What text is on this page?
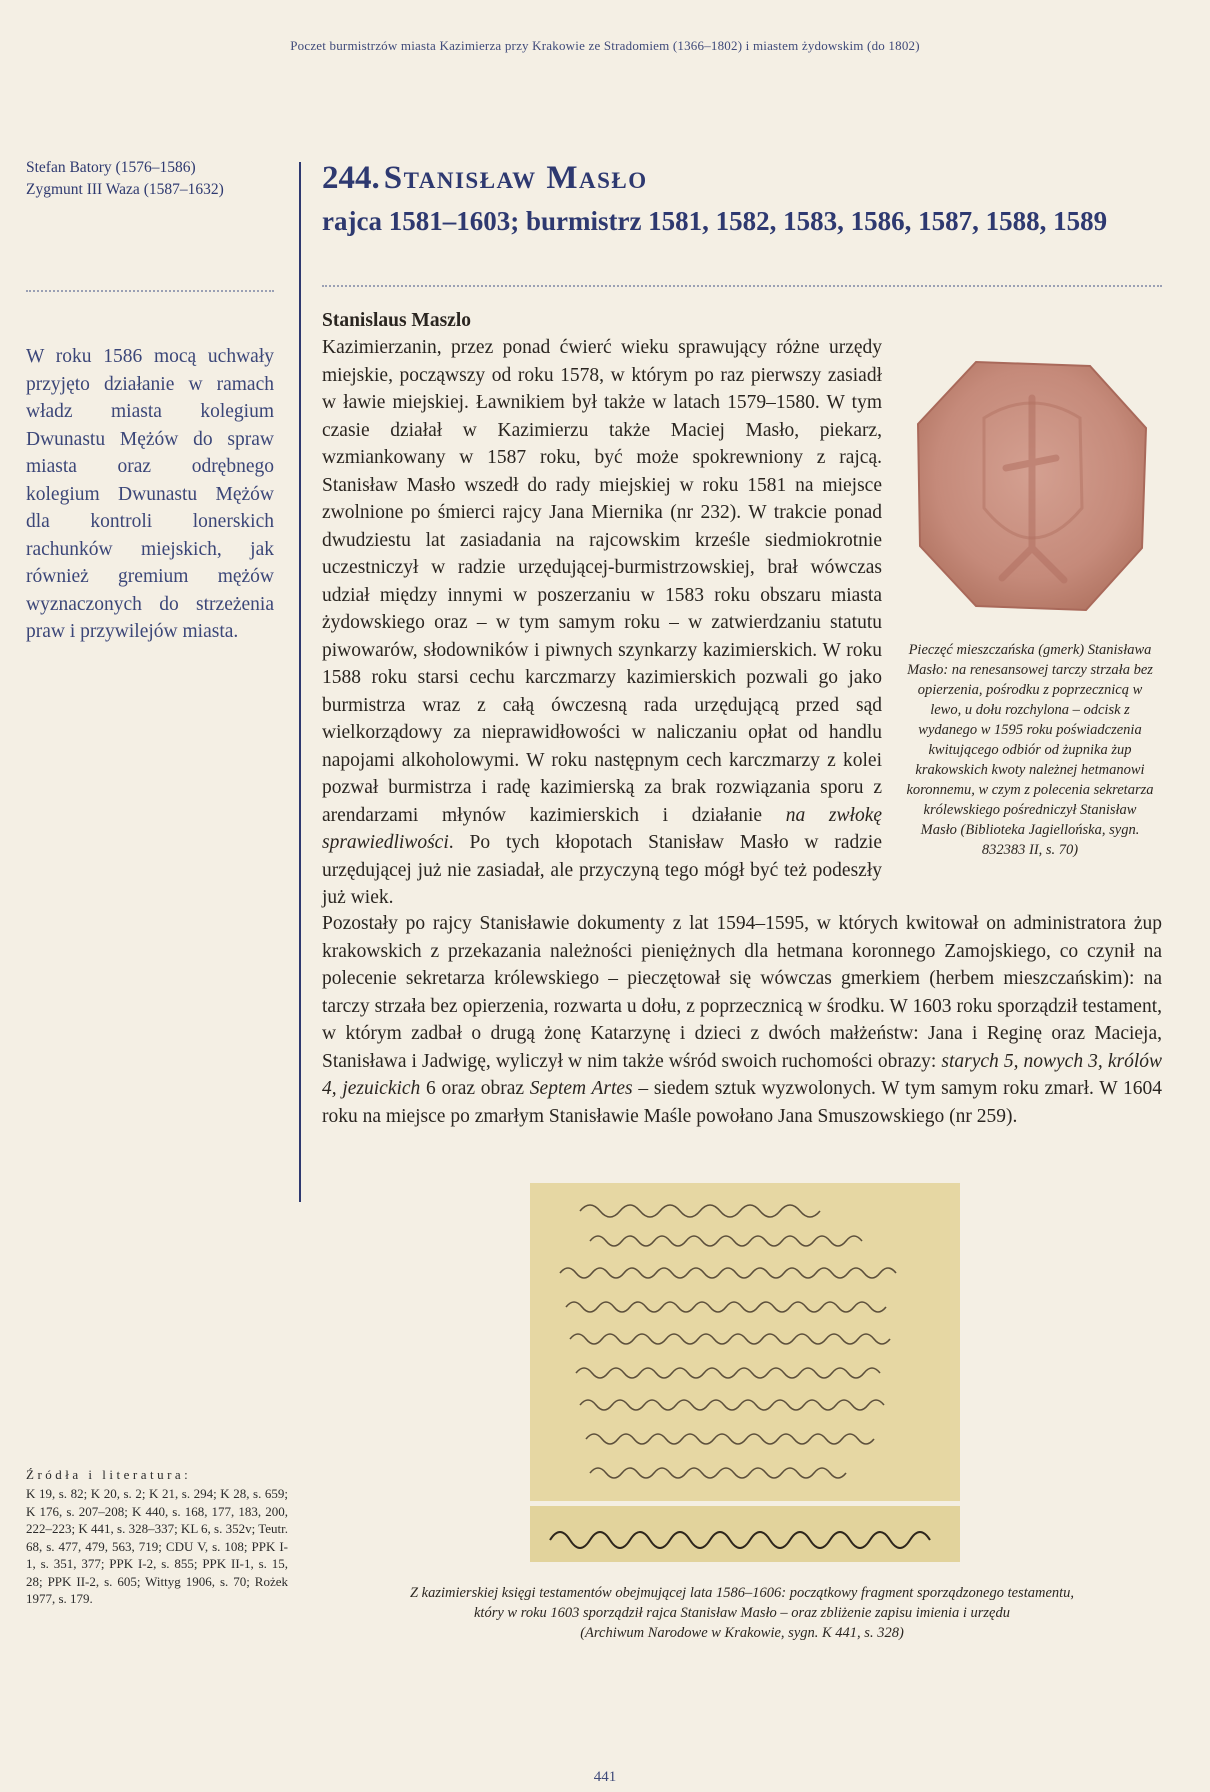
Poczet burmistrzów miasta Kazimierza przy Krakowie ze Stradomiem (1366–1802) i miastem żydowskim (do 1802)
Stefan Batory (1576–1586)
Zygmunt III Waza (1587–1632)
W roku 1586 mocą uchwały przyjęto działanie w ramach władz miasta kolegium Dwunastu Mężów do spraw miasta oraz odrębnego kolegium Dwunastu Mężów dla kontroli lonerskich rachunków miejskich, jak również gremium mężów wyznaczonych do strzeżenia praw i przywilejów miasta.
Źródła i literatura:
K 19, s. 82; K 20, s. 2; K 21, s. 294; K 28, s. 659; K 176, s. 207–208; K 440, s. 168, 177, 183, 200, 222–223; K 441, s. 328–337; KL 6, s. 352v; Teutr. 68, s. 477, 479, 563, 719; CDU V, s. 108; PPK I-1, s. 351, 377; PPK I-2, s. 855; PPK II-1, s. 15, 28; PPK II-2, s. 605; Wittyg 1906, s. 70; Rożek 1977, s. 179.
244. Stanisław Masło
rajca 1581–1603; burmistrz 1581, 1582, 1583, 1586, 1587, 1588, 1589
Stanislaus Maszlo
Kazimierzanin, przez ponad ćwierć wieku sprawujący różne urzędy miejskie, począwszy od roku 1578, w którym po raz pierwszy zasiadł w ławie miejskiej. Ławnikiem był także w latach 1579–1580. W tym czasie działał w Kazimierzu także Maciej Masło, piekarz, wzmiankowany w 1587 roku, być może spokrewniony z rajcą. Stanisław Masło wszedł do rady miejskiej w roku 1581 na miejsce zwolnione po śmierci rajcy Jana Miernika (nr 232). W trakcie ponad dwudziestu lat zasiadania na rajcowskim krześle siedmiokrotnie uczestniczył w radzie urzędującej-burmistrzowskiej, brał wówczas udział między innymi w poszerzaniu w 1583 roku obszaru miasta żydowskiego oraz – w tym samym roku – w zatwierdzaniu statutu piwowarów, słodowników i piwnych szynkarzy kazimierskich. W roku 1588 roku starsi cechu karczmarzy kazimierskich pozwali go jako burmistrza wraz z całą ówczesną rada urzędującą przed sąd wielkorządowy za nieprawidłowości w naliczaniu opłat od handlu napojami alkoholowymi. W roku następnym cech karczmarzy z kolei pozwał burmistrza i radę kazimierską za brak rozwiązania sporu z arendarzami młynów kazimierskich i działanie na zwłokę sprawiedliwości. Po tych kłopotach Stanisław Masło w radzie urzędującej już nie zasiadał, ale przyczyną tego mógł być też podeszły już wiek.
Pieczęć mieszczańska (gmerk) Stanisława Masło: na renesansowej tarczy strzała bez opierzenia, pośrodku z poprzecznicą w lewo, u dołu rozchylona – odcisk z wydanego w 1595 roku poświadczenia kwitującego odbiór od żupnika żup krakowskich kwoty należnej hetmanowi koronnemu, w czym z polecenia sekretarza królewskiego pośredniczył Stanisław Masło (Biblioteka Jagiellońska, sygn. 832383 II, s. 70)
Pozostały po rajcy Stanisławie dokumenty z lat 1594–1595, w których kwitował on administratora żup krakowskich z przekazania należności pieniężnych dla hetmana koronnego Zamojskiego, co czynił na polecenie sekretarza królewskiego – pieczętował się wówczas gmerkiem (herbem mieszczańskim): na tarczy strzała bez opierzenia, rozwarta u dołu, z poprzecznicą w środku. W 1603 roku sporządził testament, w którym zadbał o drugą żonę Katarzynę i dzieci z dwóch małżeństw: Jana i Reginę oraz Macieja, Stanisława i Jadwigę, wyliczył w nim także wśród swoich ruchomości obrazy: starych 5, nowych 3, królów 4, jezuickich 6 oraz obraz Septem Artes – siedem sztuk wyzwolonych. W tym samym roku zmarł. W 1604 roku na miejsce po zmarłym Stanisławie Maśle powołano Jana Smuszowskiego (nr 259).
Z kazimierskiej księgi testamentów obejmującej lata 1586–1606: początkowy fragment sporządzonego testamentu,
który w roku 1603 sporządził rajca Stanisław Masło – oraz zbliżenie zapisu imienia i urzędu
(Archiwum Narodowe w Krakowie, sygn. K 441, s. 328)
441
